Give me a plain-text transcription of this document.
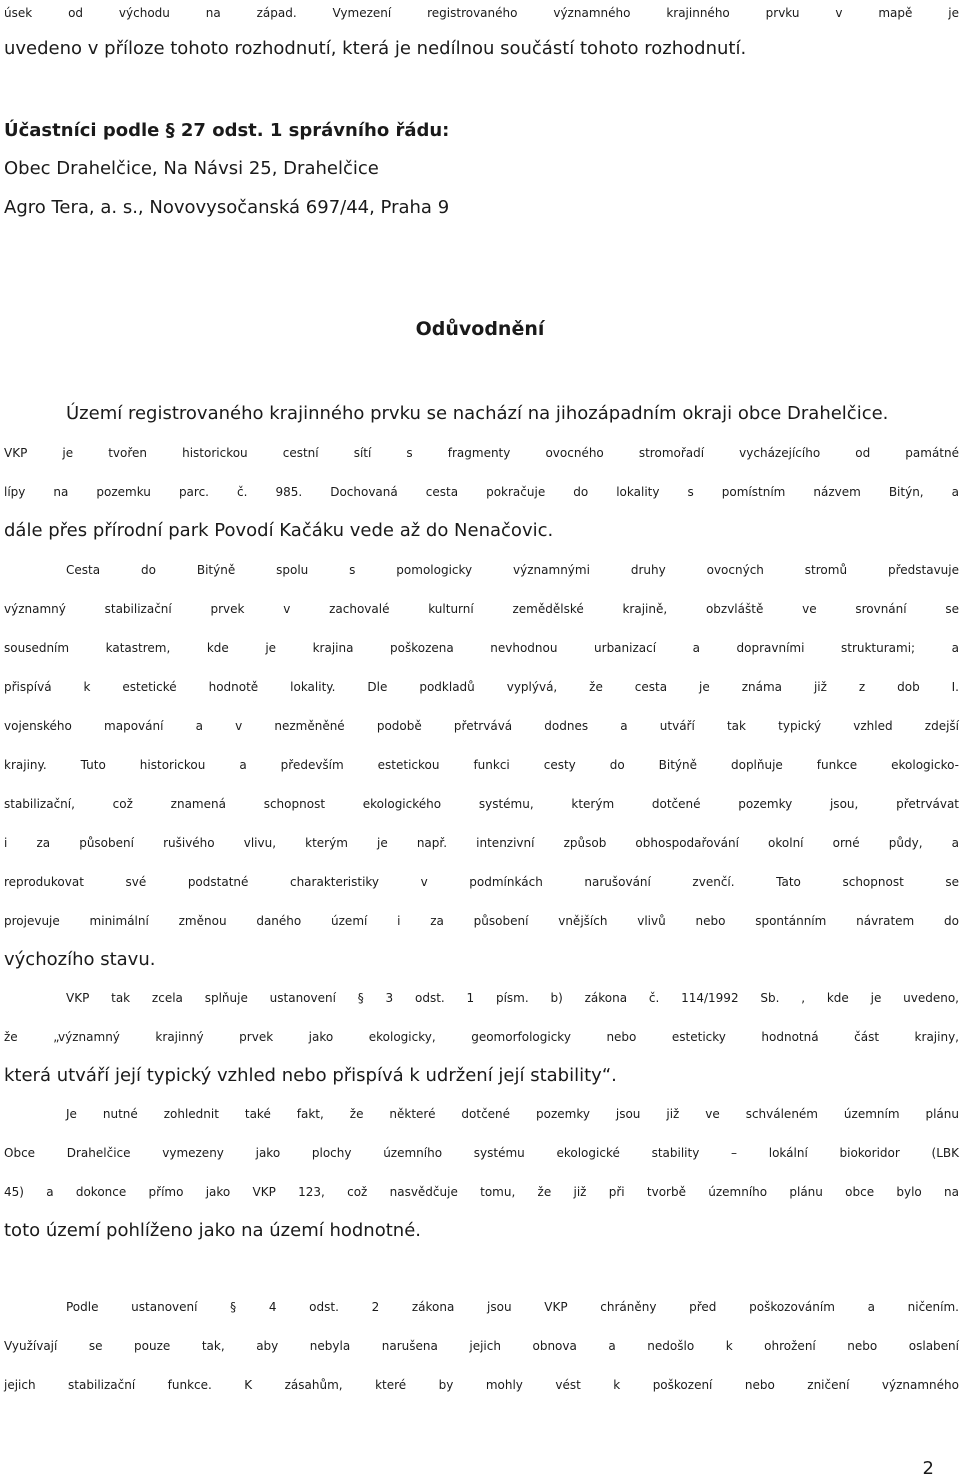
úsek od východu na západ. Vymezení registrovaného významného krajinného prvku v mapě je
uvedeno v příloze tohoto rozhodnutí, která je nedílnou součástí tohoto rozhodnutí.
Účastníci podle § 27 odst. 1 správního řádu:
Obec Drahelčice, Na Návsi 25, Drahelčice
Agro Tera, a. s., Novovysočanská 697/44, Praha 9
Odůvodnění
Území registrovaného krajinného prvku se nachází na jihozápadním okraji obce Drahelčice.
VKP je tvořen historickou cestní sítí s fragmenty ovocného stromořadí vycházejícího od památné
lípy na pozemku parc. č. 985. Dochovaná cesta pokračuje do lokality s pomístním názvem Bitýn, a
dále přes přírodní park Povodí Kačáku vede až do Nenačovic.
Cesta do Bitýně spolu s pomologicky významnými druhy ovocných stromů představuje
významný stabilizační prvek v zachovalé kulturní zemědělské krajině, obzvláště ve srovnání se
sousedním katastrem, kde je krajina poškozena nevhodnou urbanizací a dopravními strukturami; a
přispívá k estetické hodnotě lokality. Dle podkladů vyplývá, že cesta je známa již z dob I.
vojenského mapování a v nezměněné podobě přetrvává dodnes a utváří tak typický vzhled zdejší
krajiny. Tuto historickou a především estetickou funkci cesty do Bitýně doplňuje funkce ekologicko-
stabilizační, což znamená schopnost ekologického systému, kterým dotčené pozemky jsou, přetrvávat
i za působení rušivého vlivu, kterým je např. intenzivní způsob obhospodařování okolní orné půdy, a
reprodukovat své podstatné charakteristiky v podmínkách narušování zvenčí. Tato schopnost se
projevuje minimální změnou daného území i za působení vnějších vlivů nebo spontánním návratem do
výchozího stavu.
VKP tak zcela splňuje ustanovení § 3 odst. 1 písm. b) zákona č. 114/1992 Sb. , kde je uvedeno,
že „významný krajinný prvek jako ekologicky, geomorfologicky nebo esteticky hodnotná část krajiny,
která utváří její typický vzhled nebo přispívá k udržení její stability“.
Je nutné zohlednit také fakt, že některé dotčené pozemky jsou již ve schváleném územním plánu
Obce Drahelčice vymezeny jako plochy územního systému ekologické stability – lokální biokoridor (LBK
45) a dokonce přímo jako VKP 123, což nasvědčuje tomu, že již při tvorbě územního plánu obce bylo na
toto území pohlíženo jako na území hodnotné.
Podle ustanovení § 4 odst. 2 zákona jsou VKP chráněny před poškozováním a ničením.
Využívají se pouze tak, aby nebyla narušena jejich obnova a nedošlo k ohrožení nebo oslabení
jejich stabilizační funkce. K zásahům, které by mohly vést k poškození nebo zničení významného
2
